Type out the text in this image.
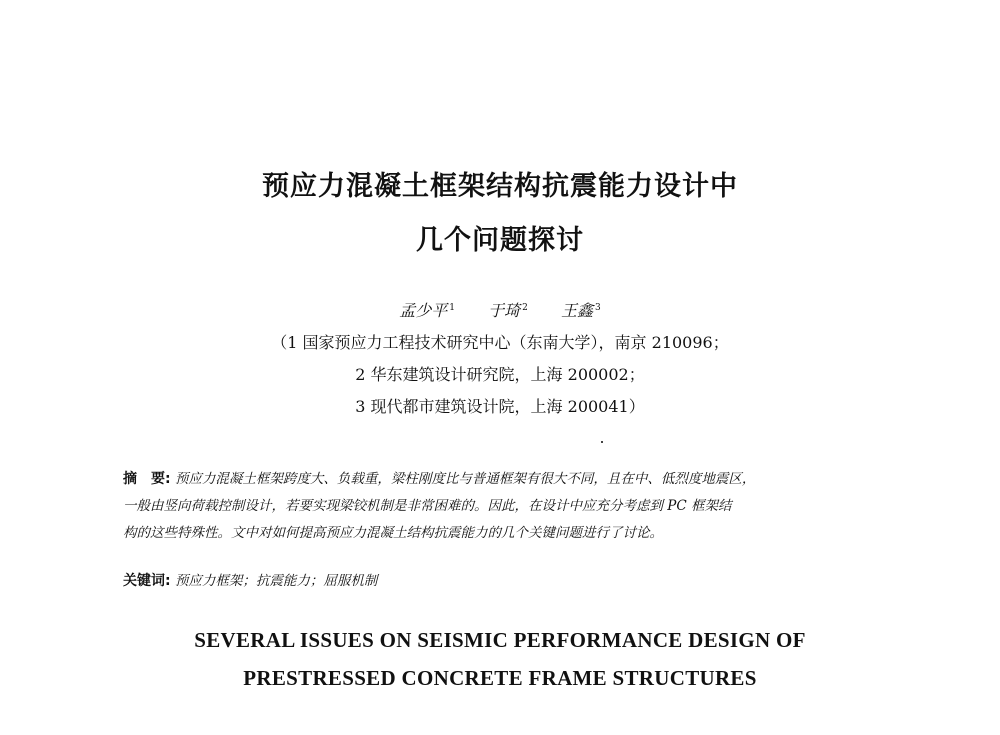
预应力混凝土框架结构抗震能力设计中
几个问题探讨
孟少平 $^1$ 于琦 $^2$ 王鑫 $^3$
（1 国家预应力工程技术研究中心（东南大学），南京 210096；
2 华东建筑设计研究院，上海 200002；
3 现代都市建筑设计院，上海 200041）
摘　要: 预应力混凝土框架跨度大、负载重，梁柱刚度比与普通框架有很大不同，且在中、低烈度地震区，
一般由竖向荷载控制设计，若要实现梁铰机制是非常困难的。因此，在设计中应充分考虑到 PC 框架结
构的这些特殊性。文中对如何提高预应力混凝土结构抗震能力的几个关键问题进行了讨论。
关键词: 预应力框架；抗震能力；屈服机制
SEVERAL ISSUES ON SEISMIC PERFORMANCE DESIGN OF
PRESTRESSED CONCRETE FRAME STRUCTURES
